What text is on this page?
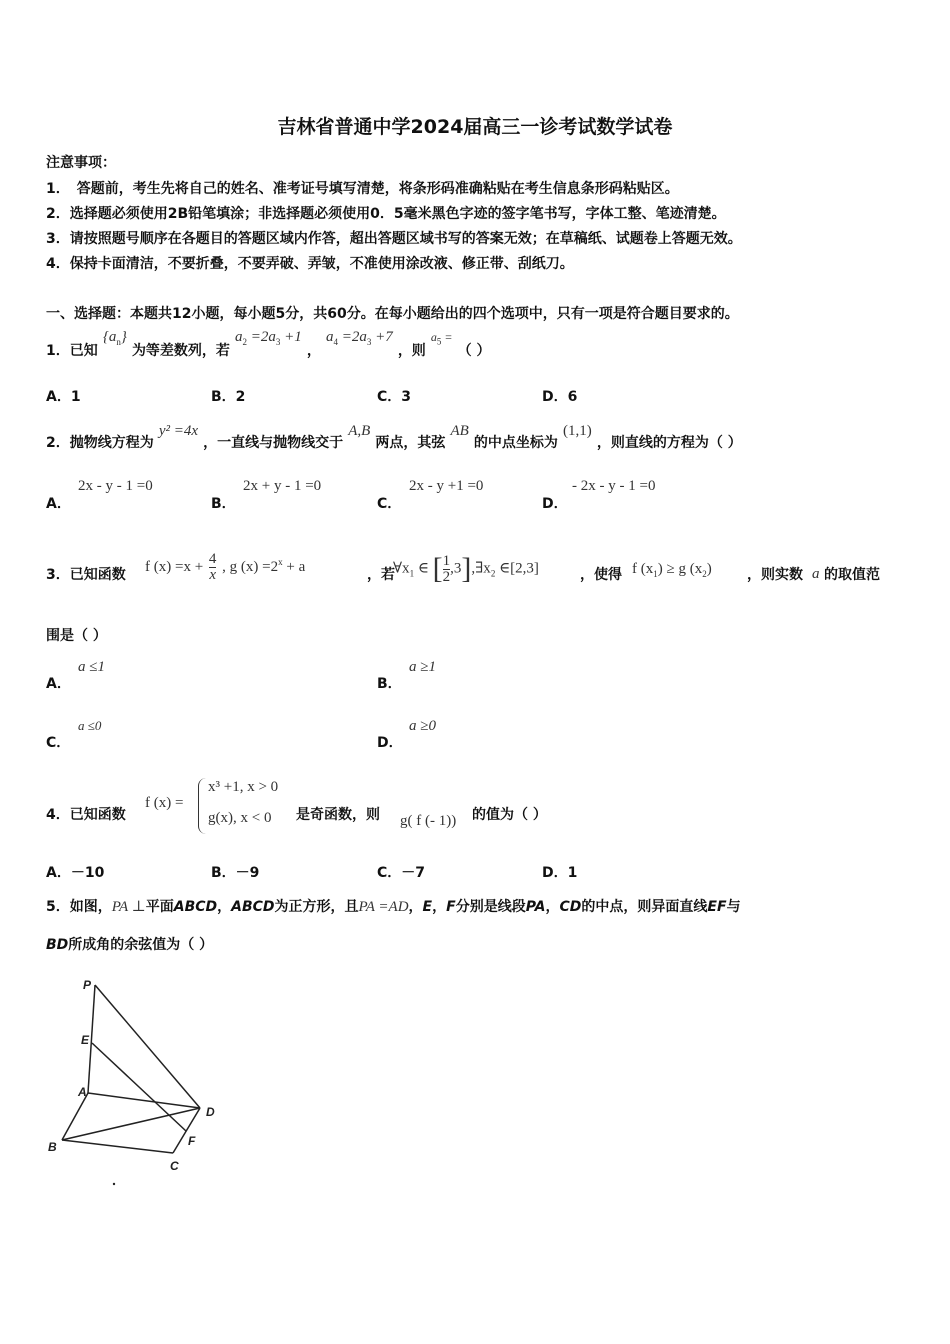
吉林省普通中学2024届高三一诊考试数学试卷
注意事项：
1．　答题前，考生先将自己的姓名、准考证号填写清楚，将条形码准确粘贴在考生信息条形码粘贴区。
2．选择题必须使用2B铅笔填涂；非选择题必须使用0．5毫米黑色字迹的签字笔书写，字体工整、笔迹清楚。
3．请按照题号顺序在各题目的答题区域内作答，超出答题区域书写的答案无效；在草稿纸、试题卷上答题无效。
4．保持卡面清洁，不要折叠，不要弄破、弄皱，不准使用涂改液、修正带、刮纸刀。
一、选择题：本题共12小题，每小题5分，共60分。在每小题给出的四个选项中，只有一项是符合题目要求的。
1．已知 $\{a_n\}$ 为等差数列，若 $a_2 =2a_3 +1$ ， $a_4 =2a_3 +7$ ，则 $a_5$ = （ ）
A．1	B．2	C．3	D．6
2．抛物线方程为 y² =4x ，一直线与抛物线交于 A,B 两点，其弦 AB 的中点坐标为 (1,1) ，则直线的方程为（ ）
A．
2x - y - 1 =0
B．
2x + y - 1 =0
C．
2x - y +1 =0
D．
- 2x - y - 1 =0
3．已知函数
f $(x) =x + \frac{4}{x}$ , g $(x) =2^x + a$
，若
$\forall x_1$ ∈ [ $\frac{1}{2}$ $,3],\exists x_2$ ∈[2,3]	，使得 f $(x_1) \ge g$ $(x_2)$	，则实数 a 的取值范
围是（ ）
A．
a ≤1
B．
a ≥1
C．
a ≤0
D．
a ≥0
4．已知函数
f (x) =
x³ +1, x > 0
g(x), x < 0 是奇函数，则 g( f (- 1)) 的值为（ ）
A．－10	B．－9	C．－7	D．1
5．如图，PA ⊥平面ABCD，ABCD为正方形，且PA =AD，E，F分别是线段PA，CD的中点，则异面直线EF与
BD所成角的余弦值为（ ）
P
E
A
D
B	F
C
